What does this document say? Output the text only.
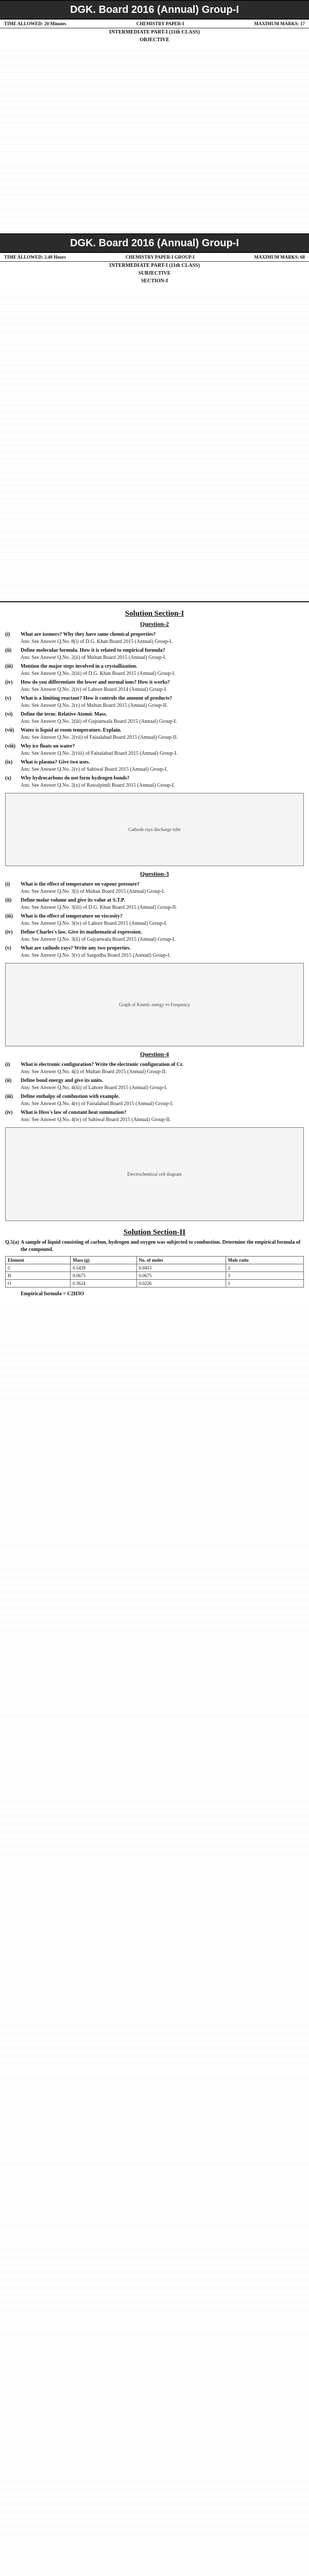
DGK. Board 2016 (Annual) Group-I
TIME ALLOWED: 20 Minutes	CHEMISTRY PAPER-I	MAXIMUM MARKS: 17
INTERMEDIATE PART-I (11th CLASS)
OBJECTIVE
DGK. Board 2016 (Annual) Group-I
TIME ALLOWED: 2.40 Hours	CHEMISTRY PAPER-I GROUP-I	MAXIMUM MARKS: 68
INTERMEDIATE PART-I (11th CLASS)
SUBJECTIVE
SECTION-I
Solution Section-I
Question-2
(i)	What are isomers? Why they have same chemical properties?
Ans: See Answer Q.No. 8(i) of D.G. Khan Board 2015 (Annual) Group-I.
(ii)	Define molecular formula. How it is related to empirical formula?
Ans: See Answer Q.No. 2(ii) of Multan Board 2015 (Annual) Group-I.
(iii)	Mention the major steps involved in a crystallization.
Ans: See Answer Q.No. 2(iii) of D.G. Khan Board 2015 (Annual) Group-I.
(iv)	How do you differentiate the lower and normal ions? How it works?
Ans: See Answer Q.No. 2(iv) of Lahore Board 2014 (Annual) Group-I.
(v)	What is a limiting reactant? How it controls the amount of products?
Ans: See Answer Q.No. 2(v) of Multan Board 2015 (Annual) Group-II.
(vi)	Define the term: Relative Atomic Mass.
Ans: See Answer Q.No. 2(iii) of Gujranwala Board 2015 (Annual) Group-I.
(vii)	Water is liquid at room temperature. Explain.
Ans: See Answer Q.No. 2(vii) of Faisalabad Board 2015 (Annual) Group-II.
(viii)	Why ice floats on water?
Ans: See Answer Q.No. 2(viii) of Faisalabad Board 2015 (Annual) Group-I.
(ix)	What is plasma? Give two uses.
Ans: See Answer Q.No. 2(v) of Sahiwal Board 2015 (Annual) Group-I.
(x)	Why hydrocarbons do not form hydrogen bonds?
Ans: See Answer Q.No. 2(x) of Rawalpindi Board 2015 (Annual) Group-I.
Cathode rays discharge tube
Question-3
(i)	What is the effect of temperature on vapour pressure?
Ans: See Answer Q.No. 3(i) of Multan Board 2015 (Annual) Group-I.
(ii)	Define molar volume and give its value at S.T.P.
Ans: See Answer Q.No. 3(iii) of D.G. Khan Board 2015 (Annual) Group-II.
(iii)	What is the effect of temperature on viscosity?
Ans: See Answer Q.No. 3(iv) of Lahore Board 2015 (Annual) Group-I.
(iv)	Define Charles's law. Give its mathematical expression.
Ans: See Answer Q.No. 3(ii) of Gujranwala Board 2015 (Annual) Group-I.
(v)	What are cathode rays? Write any two properties.
Ans: See Answer Q.No. 3(v) of Sargodha Board 2015 (Annual) Group-I.
Graph of Kinetic energy vs Frequency
Question-4
(i)	What is electronic configuration? Write the electronic configuration of Cr.
Ans: See Answer Q.No. 4(i) of Multan Board 2015 (Annual) Group-II.
(ii)	Define bond energy and give its units.
Ans: See Answer Q.No. 4(iii) of Lahore Board 2015 (Annual) Group-I.
(iii)	Define enthalpy of combustion with example.
Ans: See Answer Q.No. 4(v) of Faisalabad Board 2015 (Annual) Group-I.
(iv)	What is Hess's law of constant heat summation?
Ans: See Answer Q.No. 4(iv) of Sahiwal Board 2015 (Annual) Group-II.
Electrochemical cell diagram
Solution Section-II
Q.5(a) A sample of liquid consisting of carbon, hydrogen and oxygen was subjected to combustion. Determine the empirical formula of the compound.
Element	Mass (g)	No. of moles	Mole ratio
C	0.5439	0.0453	2
H	0.0675	0.0675	3
O	0.3624	0.0226	1
Empirical formula = C2H3O
